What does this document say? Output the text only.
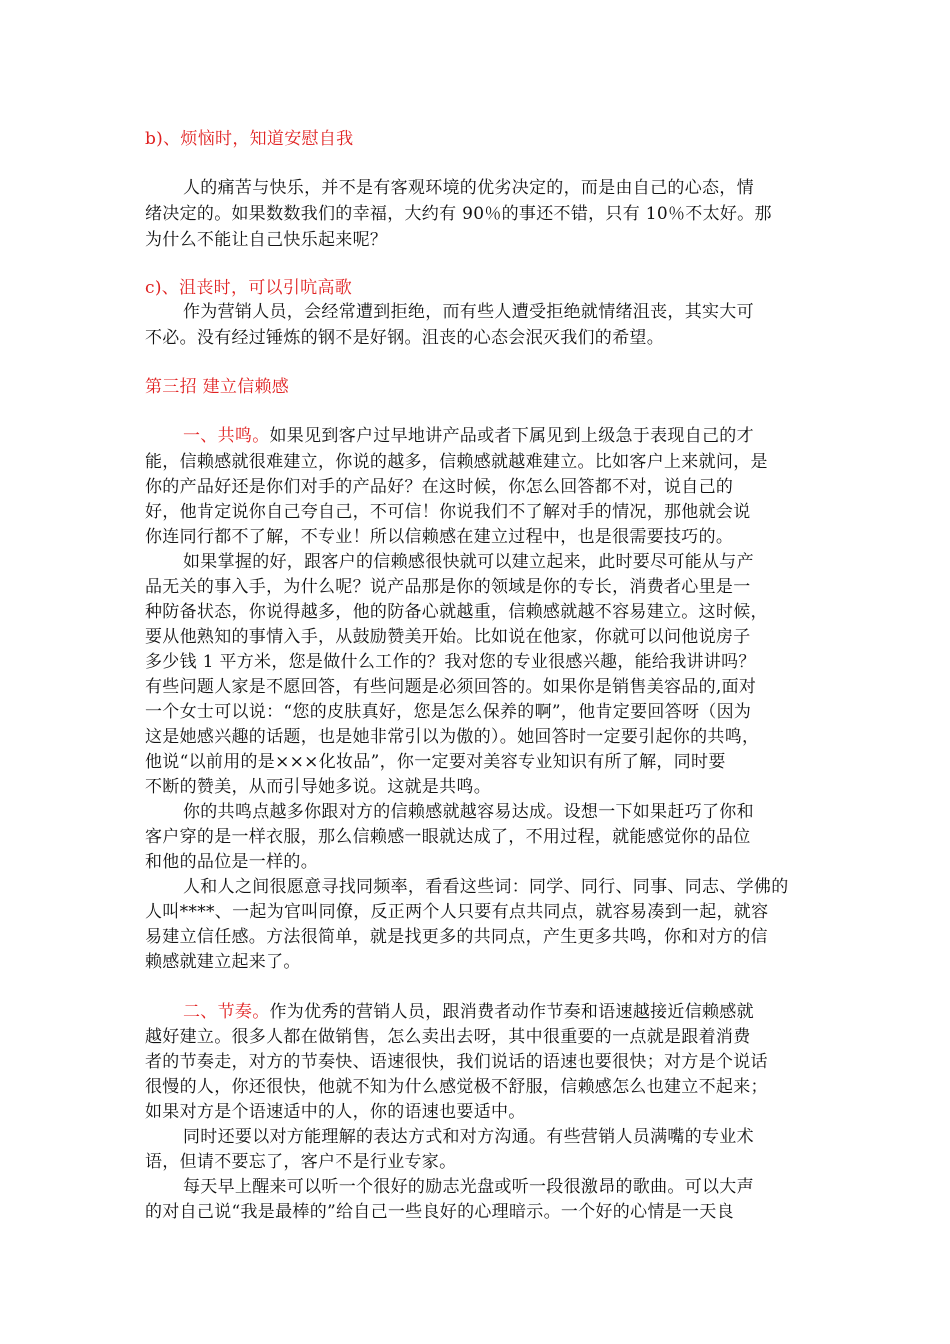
b)、烦恼时，知道安慰自我
人的痛苦与快乐，并不是有客观环境的优劣决定的，而是由自己的心态，情
绪决定的。如果数数我们的幸福，大约有 90％的事还不错，只有 10％不太好。那
为什么不能让自己快乐起来呢？
c)、沮丧时，可以引吭高歌
作为营销人员，会经常遭到拒绝，而有些人遭受拒绝就情绪沮丧，其实大可
不必。没有经过锤炼的钢不是好钢。沮丧的心态会泯灭我们的希望。
第三招 建立信赖感
一、共鸣。如果见到客户过早地讲产品或者下属见到上级急于表现自己的才
能，信赖感就很难建立，你说的越多，信赖感就越难建立。比如客户上来就问，是
你的产品好还是你们对手的产品好？在这时候，你怎么回答都不对，说自己的
好，他肯定说你自己夸自己，不可信！你说我们不了解对手的情况，那他就会说
你连同行都不了解，不专业！所以信赖感在建立过程中，也是很需要技巧的。
如果掌握的好，跟客户的信赖感很快就可以建立起来，此时要尽可能从与产
品无关的事入手，为什么呢？说产品那是你的领域是你的专长，消费者心里是一
种防备状态，你说得越多，他的防备心就越重，信赖感就越不容易建立。这时候，
要从他熟知的事情入手，从鼓励赞美开始。比如说在他家，你就可以问他说房子
多少钱 1 平方米，您是做什么工作的？我对您的专业很感兴趣，能给我讲讲吗？
有些问题人家是不愿回答，有些问题是必须回答的。如果你是销售美容品的,面对
一个女士可以说：“您的皮肤真好，您是怎么保养的啊”，他肯定要回答呀（因为
这是她感兴趣的话题，也是她非常引以为傲的）。她回答时一定要引起你的共鸣，
他说“以前用的是×××化妆品”，你一定要对美容专业知识有所了解，同时要
不断的赞美，从而引导她多说。这就是共鸣。
你的共鸣点越多你跟对方的信赖感就越容易达成。设想一下如果赶巧了你和
客户穿的是一样衣服，那么信赖感一眼就达成了，不用过程，就能感觉你的品位
和他的品位是一样的。
人和人之间很愿意寻找同频率，看看这些词：同学、同行、同事、同志、学佛的
人叫****、一起为官叫同僚，反正两个人只要有点共同点，就容易凑到一起，就容
易建立信任感。方法很简单，就是找更多的共同点，产生更多共鸣，你和对方的信
赖感就建立起来了。
二、节奏。作为优秀的营销人员，跟消费者动作节奏和语速越接近信赖感就
越好建立。很多人都在做销售，怎么卖出去呀，其中很重要的一点就是跟着消费
者的节奏走，对方的节奏快、语速很快，我们说话的语速也要很快；对方是个说话
很慢的人，你还很快，他就不知为什么感觉极不舒服，信赖感怎么也建立不起来；
如果对方是个语速适中的人，你的语速也要适中。
同时还要以对方能理解的表达方式和对方沟通。有些营销人员满嘴的专业术
语，但请不要忘了，客户不是行业专家。
每天早上醒来可以听一个很好的励志光盘或听一段很激昂的歌曲。可以大声
的对自己说“我是最棒的”给自己一些良好的心理暗示。一个好的心情是一天良
